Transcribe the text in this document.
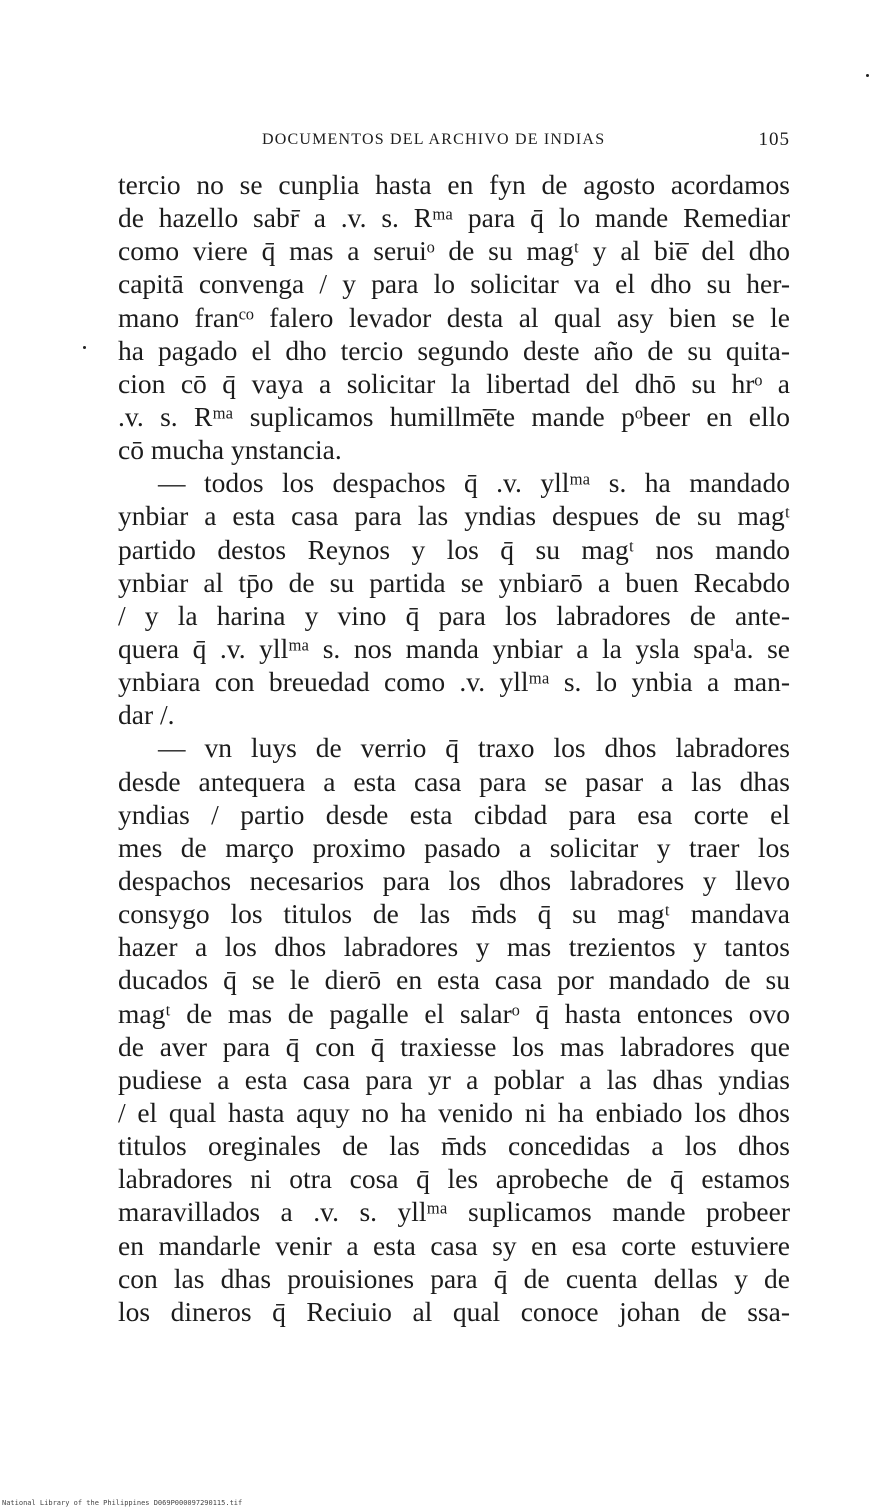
DOCUMENTOS DEL ARCHIVO DE INDIAS	105
tercio no se cunplia hasta en fyn de agosto acordamos
de hazello sabr̄ a .v. s. Rᵐᵃ para q̄ lo mande Remediar
como viere q̄ mas a seruiᵒ de su magᵗ y al bie̅ del dho
capitā convenga / y para lo solicitar va el dho su her-
mano franᶜᵒ falero levador desta al qual asy bien se le
ha pagado el dho tercio segundo deste año de su quita-
cion cō q̄ vaya a solicitar la libertad del dhō su hrᵒ a
.v. s. Rᵐᵃ suplicamos humillme̅te mande pᵒbeer en ello
cō mucha ynstancia.
— todos los despachos q̄ .v. yllᵐᵃ s. ha mandado
ynbiar a esta casa para las yndias despues de su magᵗ
partido destos Reynos y los q̄ su magᵗ nos mando
ynbiar al tp̄o de su partida se ynbiarō a buen Recabdo
/ y la harina y vino q̄ para los labradores de ante-
quera q̄ .v. yllᵐᵃ s. nos manda ynbiar a la ysla spaˡa. se
ynbiara con breuedad como .v. yllᵐᵃ s. lo ynbia a man-
dar /.
— vn luys de verrio q̄ traxo los dhos labradores
desde antequera a esta casa para se pasar a las dhas
yndias / partio desde esta cibdad para esa corte el
mes de março proximo pasado a solicitar y traer los
despachos necesarios para los dhos labradores y llevo
consygo los titulos de las m̄ds q̄ su magᵗ mandava
hazer a los dhos labradores y mas trezientos y tantos
ducados q̄ se le dierō en esta casa por mandado de su
magᵗ de mas de pagalle el salarᵒ q̄ hasta entonces ovo
de aver para q̄ con q̄ traxiesse los mas labradores que
pudiese a esta casa para yr a poblar a las dhas yndias
/ el qual hasta aquy no ha venido ni ha enbiado los dhos
titulos oreginales de las m̄ds concedidas a los dhos
labradores ni otra cosa q̄ les aprobeche de q̄ estamos
maravillados a .v. s. yllᵐᵃ suplicamos mande probeer
en mandarle venir a esta casa sy en esa corte estuviere
con las dhas prouisiones para q̄ de cuenta dellas y de
los dineros q̄ Reciuio al qual conoce johan de ssa-
National Library of the Philippines D069P000097290115.tif
